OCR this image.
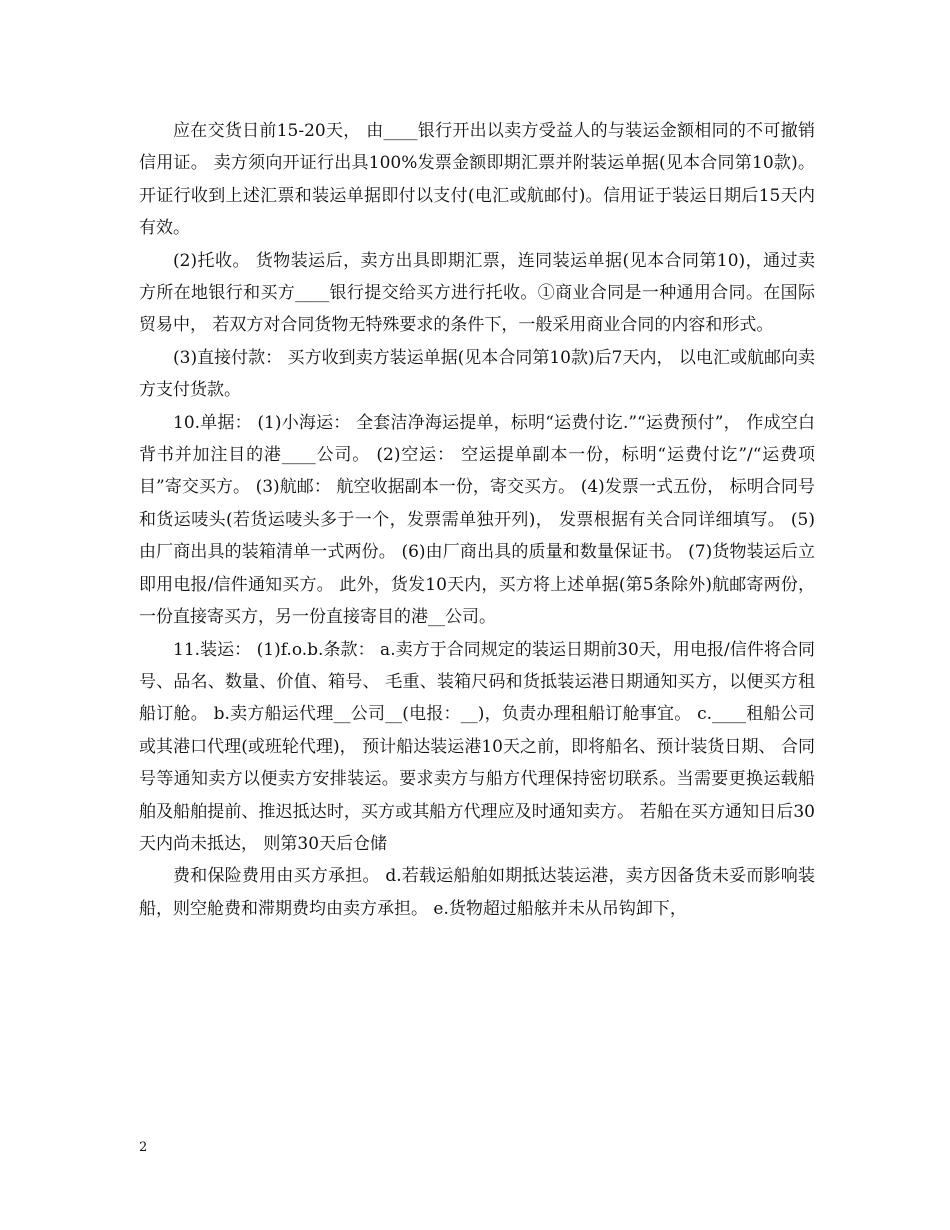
应在交货日前15-20天， 由____银行开出以卖方受益人的与装运金额相同的不可撤销信用证。 卖方须向开证行出具100%发票金额即期汇票并附装运单据(见本合同第10款)。 开证行收到上述汇票和装运单据即付以支付(电汇或航邮付)。信用证于装运日期后15天内有效。

(2)托收。 货物装运后，卖方出具即期汇票，连同装运单据(见本合同第10)，通过卖方所在地银行和买方____银行提交给买方进行托收。①商业合同是一种通用合同。在国际贸易中， 若双方对合同货物无特殊要求的条件下，一般采用商业合同的内容和形式。

(3)直接付款： 买方收到卖方装运单据(见本合同第10款)后7天内， 以电汇或航邮向卖方支付货款。

10.单据： (1)小海运： 全套洁净海运提单，标明“运费付讫.”“运费预付”， 作成空白背书并加注目的港____公司。 (2)空运： 空运提单副本一份，标明“运费付讫”/“运费项目”寄交买方。 (3)航邮： 航空收据副本一份，寄交买方。 (4)发票一式五份， 标明合同号和货运唛头(若货运唛头多于一个，发票需单独开列)， 发票根据有关合同详细填写。 (5)由厂商出具的装箱清单一式两份。 (6)由厂商出具的质量和数量保证书。 (7)货物装运后立即用电报/信件通知买方。 此外，货发10天内，买方将上述单据(第5条除外)航邮寄两份， 一份直接寄买方，另一份直接寄目的港__公司。

11.装运： (1)f.o.b.条款： a.卖方于合同规定的装运日期前30天，用电报/信件将合同号、品名、数量、价值、箱号、 毛重、装箱尺码和货抵装运港日期通知买方，以便买方租船订舱。 b.卖方船运代理__公司__(电报：__)，负责办理租船订舱事宜。 c.____租船公司或其港口代理(或班轮代理)， 预计船达装运港10天之前，即将船名、预计装货日期、 合同号等通知卖方以便卖方安排装运。要求卖方与船方代理保持密切联系。当需要更换运载船舶及船舶提前、推迟抵达时，买方或其船方代理应及时通知卖方。 若船在买方通知日后30天内尚未抵达， 则第30天后仓储

费和保险费用由买方承担。 d.若载运船舶如期抵达装运港，卖方因备货未妥而影响装船，则空舱费和滞期费均由卖方承担。 e.货物超过船舷并未从吊钩卸下，

2
